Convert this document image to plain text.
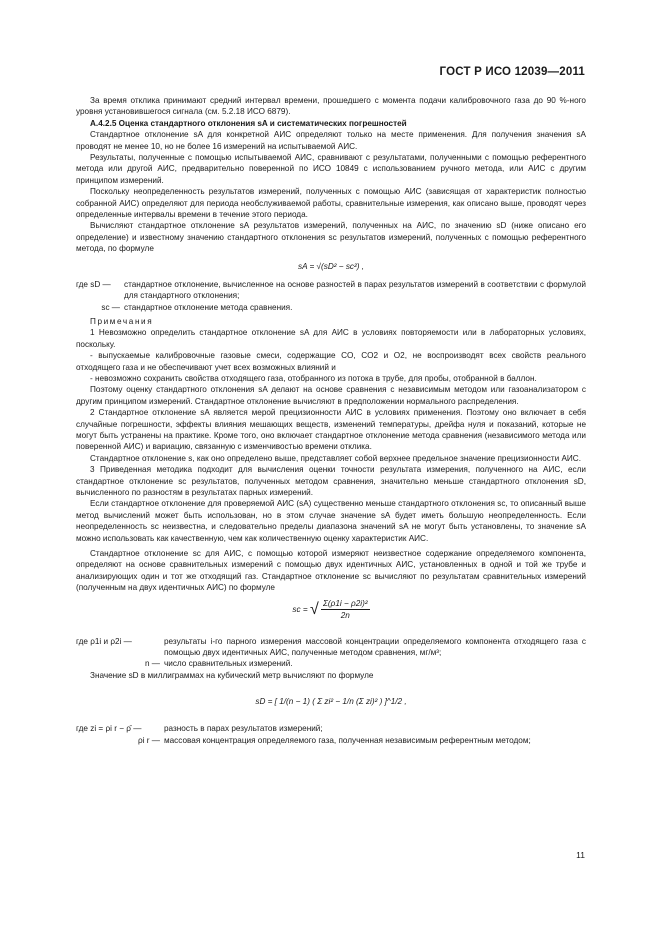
ГОСТ Р ИСО 12039—2011

За время отклика принимают средний интервал времени, прошедшего с момента подачи калибровочного газа до 90 %-ного уровня установившегося сигнала (см. 5.2.18 ИСО 6879).

А.4.2.5 Оценка стандартного отклонения sA и систематических погрешностей

Стандартное отклонение sA для конкретной АИС определяют только на месте применения. Для получения значения sA проводят не менее 10, но не более 16 измерений на испытываемой АИС.

Результаты, полученные с помощью испытываемой АИС, сравнивают с результатами, полученными с помощью референтного метода или другой АИС, предварительно поверенной по ИСО 10849 с использованием ручного метода, или АИС с другим принципом измерений.

Поскольку неопределенность результатов измерений, полученных с помощью АИС (зависящая от характеристик полностью собранной АИС) определяют для периода необслуживаемой работы, сравнительные измерения, как описано выше, проводят через определенные интервалы времени в течение этого периода.

Вычисляют стандартное отклонение sA результатов измерений, полученных на АИС, по значению sD (ниже описано его определение) и известному значению стандартного отклонения sc результатов измерений, полученных с помощью референтного метода, по формуле

sA = √(sD² − sc²) ,
где sD —	стандартное отклонение, вычисленное на основе разностей в парах результатов измерений в соответствии с формулой для стандартного отклонения;
sc — стандартное отклонение метода сравнения.

Примечания

1 Невозможно определить стандартное отклонение sA для АИС в условиях повторяемости или в лабораторных условиях, поскольку.

- выпускаемые калибровочные газовые смеси, содержащие CO, CO2 и O2, не воспроизводят всех свойств реального отходящего газа и не обеспечивают учет всех возможных влияний и

- невозможно сохранить свойства отходящего газа, отобранного из потока в трубе, для пробы, отобранной в баллон.

Поэтому оценку стандартного отклонения sA делают на основе сравнения с независимым методом или газоанализатором с другим принципом измерений. Стандартное отклонение вычисляют в предположении нормального распределения.

2 Стандартное отклонение sA является мерой прецизионности АИС в условиях применения. Поэтому оно включает в себя случайные погрешности, эффекты влияния мешающих веществ, изменений температуры, дрейфа нуля и показаний, которые не могут быть устранены на практике. Кроме того, оно включает стандартное отклонение метода сравнения (независимого метода или поверенной АИС) и вариацию, связанную с изменчивостью времени отклика.

Стандартное отклонение s, как оно определено выше, представляет собой верхнее предельное значение прецизионности АИС.

3 Приведенная методика подходит для вычисления оценки точности результата измерения, полученного на АИС, если стандартное отклонение sc результатов, полученных методом сравнения, значительно меньше стандартного отклонения sD, вычисленного по разностям в результатах парных измерений.

Если стандартное отклонение для проверяемой АИС (sA) существенно меньше стандартного отклонения sc, то описанный выше метод вычислений может быть использован, но в этом случае значение sA будет иметь большую неопределенность. Если неопределенность sc неизвестна, и следовательно пределы диапазона значений sA не могут быть установлены, то значение sA можно использовать как качественную, чем как количественную оценку характеристик АИС.

Стандартное отклонение sc для АИС, с помощью которой измеряют неизвестное содержание определяемого компонента, определяют на основе сравнительных измерений с помощью двух идентичных АИС, установленных в одной и той же трубе и анализирующих один и тот же отходящий газ. Стандартное отклонение sc вычисляют по результатам сравнительных измерений (полученным на двух идентичных АИС) по формуле

sc = √ $\frac{\text{Σ(ρ1i − ρ2i)²}}{2n}$
где ρ1i и ρ2i —	результаты i-го парного измерения массовой концентрации определяемого компонента отходящего газа с помощью двух идентичных АИС, полученные методом сравнения, мг/м³;
n — число сравнительных измерений.

Значение sD в миллиграммах на кубический метр вычисляют по формуле

sD = [ 1/(n − 1) ( Σ zi² − 1/n (Σ zi)² ) ]^1/2 ,
где zi = ρi r − ρ̄ —	разность в парах результатов измерений;
ρi r — массовая концентрация определяемого газа, полученная независимым референтным методом;
11
